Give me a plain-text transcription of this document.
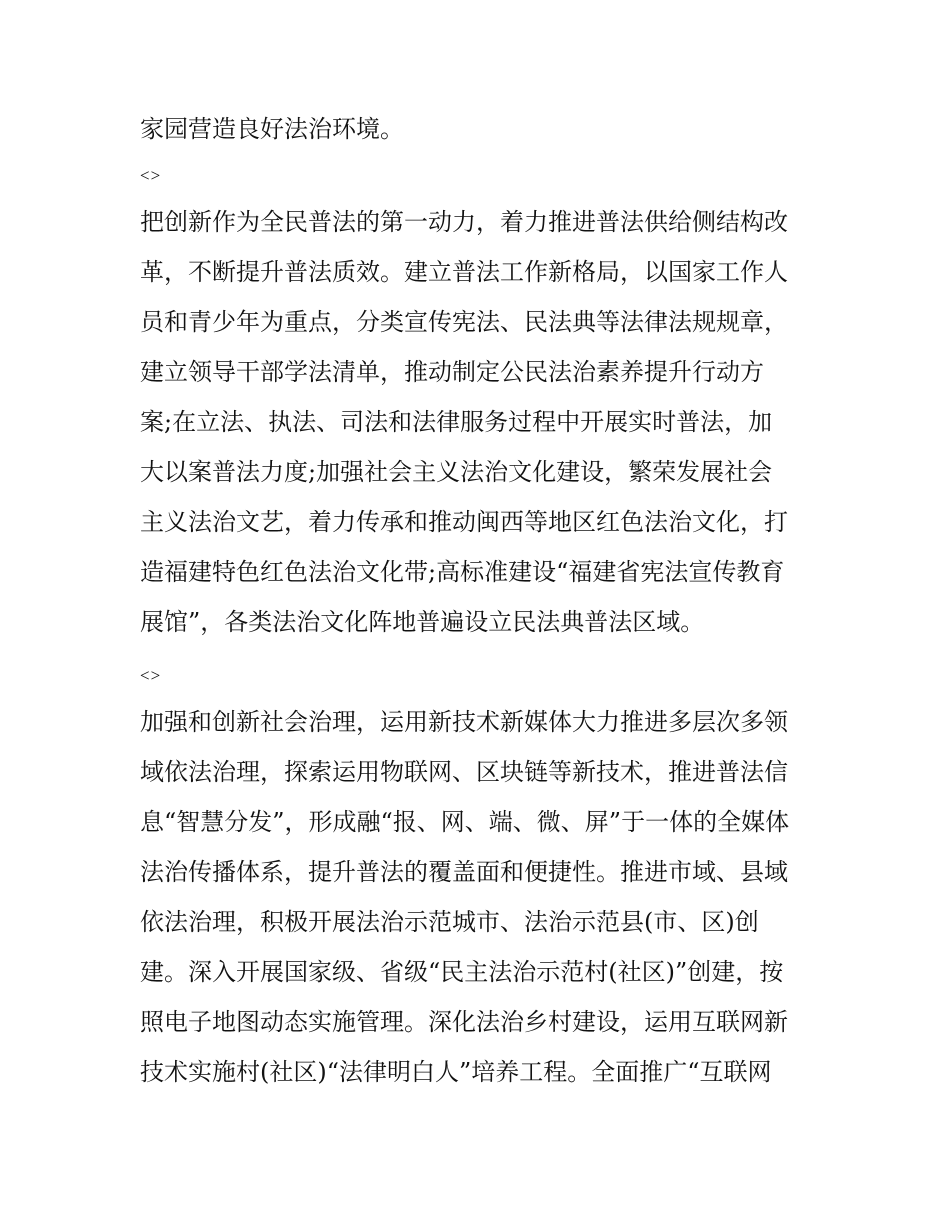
家园营造良好法治环境。
<>
把创新作为全民普法的第一动力，着力推进普法供给侧结构改
革，不断提升普法质效。建立普法工作新格局，以国家工作人
员和青少年为重点，分类宣传宪法、民法典等法律法规规章，
建立领导干部学法清单，推动制定公民法治素养提升行动方
案;在立法、执法、司法和法律服务过程中开展实时普法，加
大以案普法力度;加强社会主义法治文化建设，繁荣发展社会
主义法治文艺，着力传承和推动闽西等地区红色法治文化，打
造福建特色红色法治文化带;高标准建设“福建省宪法宣传教育
展馆”，各类法治文化阵地普遍设立民法典普法区域。
<>
加强和创新社会治理，运用新技术新媒体大力推进多层次多领
域依法治理，探索运用物联网、区块链等新技术，推进普法信
息“智慧分发”，形成融“报、网、端、微、屏”于一体的全媒体
法治传播体系，提升普法的覆盖面和便捷性。推进市域、县域
依法治理，积极开展法治示范城市、法治示范县(市、区)创
建。深入开展国家级、省级“民主法治示范村(社区)”创建，按
照电子地图动态实施管理。深化法治乡村建设，运用互联网新
技术实施村(社区)“法律明白人”培养工程。全面推广“互联网
